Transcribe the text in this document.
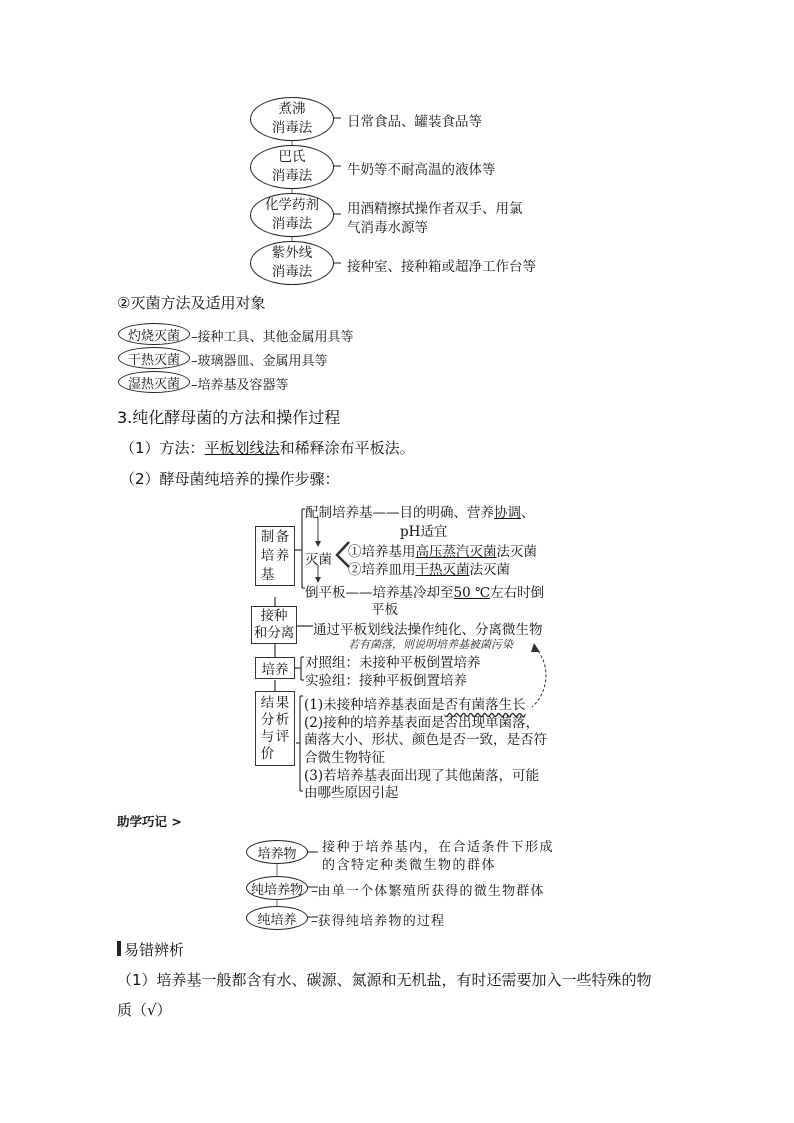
煮沸
消毒法	日常食品、罐装食品等
巴氏
消毒法	牛奶等不耐高温的液体等
化学药剂
消毒法
用酒精擦拭操作者双手、用氯
气消毒水源等
紫外线
消毒法	接种室、接种箱或超净工作台等
②灭菌方法及适用对象
灼烧灭菌 –接种工具、其他金属用具等
干热灭菌 –玻璃器皿、金属用具等
湿热灭菌 –培养基及容器等
3.纯化酵母菌的方法和操作过程
（1）方法：平板划线法和稀释涂布平板法。
（2）酵母菌纯培养的操作步骤：
制 备
培 养
基
配制培养基——目的明确、营养协调、
pH适宜
灭菌 ①培养基用高压蒸汽灭菌法灭菌
②培养皿用干热灭菌法灭菌
倒平板——培养基冷却至50 ℃左右时倒
平板
接种
和分离 通过平板划线法操作纯化、分离微生物
若有菌落，则说明培养基被菌污染
培养	对照组：未接种平板倒置培养
实验组：接种平板倒置培养
结 果
分 析
与 评
价
(1)未接种培养基表面是否有菌落生长
(2)接种的培养基表面是否出现单菌落，
菌落大小、形状、颜色是否一致，是否符
合微生物特征
(3)若培养基表面出现了其他菌落，可能
由哪些原因引起
助学巧记 >
培养物	接种于培养基内，在合适条件下形成
的含特定种类微生物的群体
纯培养物 –由单一个体繁殖所获得的微生物群体
纯培养	–获得纯培养物的过程
易错辨析
（1）培养基一般都含有水、碳源、氮源和无机盐，有时还需要加入一些特殊的物
质（√）
